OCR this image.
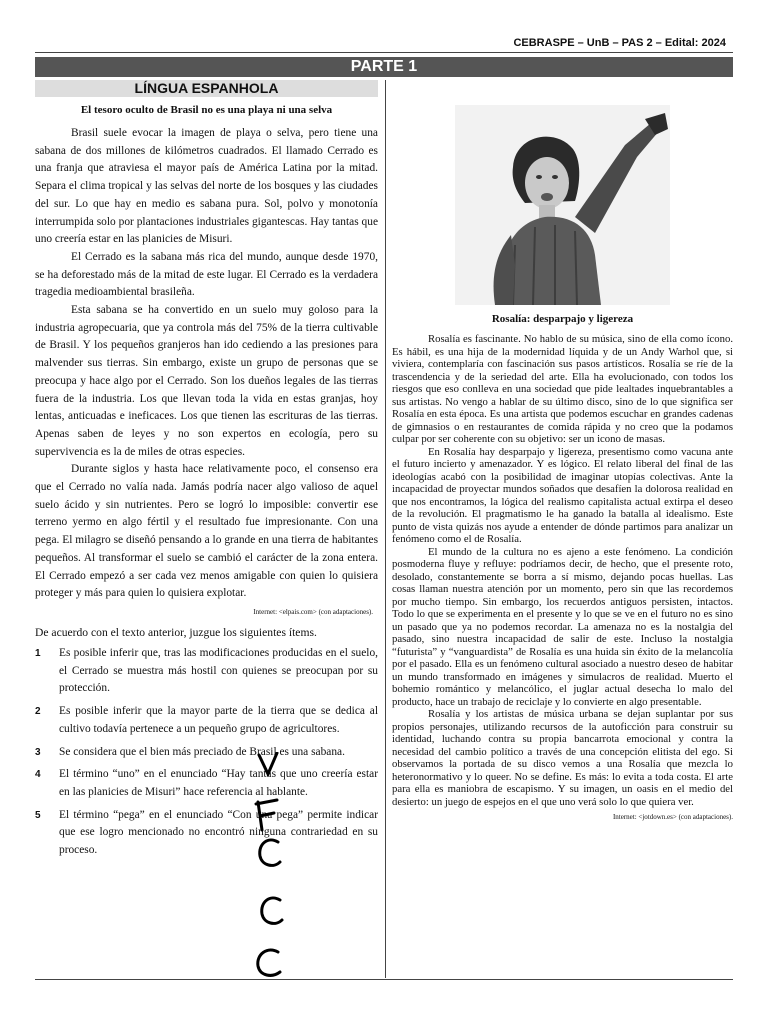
CEBRASPE – UnB – PAS 2 – Edital: 2024
PARTE 1
LÍNGUA ESPANHOLA
El tesoro oculto de Brasil no es una playa ni una selva

Brasil suele evocar la imagen de playa o selva, pero tiene una sabana de dos millones de kilómetros cuadrados. El llamado Cerrado es una franja que atraviesa el mayor país de América Latina por la mitad. Separa el clima tropical y las selvas del norte de los bosques y las ciudades del sur. Lo que hay en medio es sabana pura. Sol, polvo y monotonía interrumpida solo por plantaciones industriales gigantescas. Hay tantas que uno creería estar en las planicies de Misuri.

El Cerrado es la sabana más rica del mundo, aunque desde 1970, se ha deforestado más de la mitad de este lugar. El Cerrado es la verdadera tragedia medioambiental brasileña.

Esta sabana se ha convertido en un suelo muy goloso para la industria agropecuaria, que ya controla más del 75% de la tierra cultivable de Brasil. Y los pequeños granjeros han ido cediendo a las presiones para malvender sus tierras. Sin embargo, existe un grupo de personas que se preocupa y hace algo por el Cerrado. Son los dueños legales de las tierras fuera de la industria. Los que llevan toda la vida en estas granjas, hoy lentas, anticuadas e ineficaces. Los que tienen las escrituras de las tierras. Apenas saben de leyes y no son expertos en ecología, pero su supervivencia es la de miles de otras especies.

Durante siglos y hasta hace relativamente poco, el consenso era que el Cerrado no valía nada. Jamás podría nacer algo valioso de aquel suelo ácido y sin nutrientes. Pero se logró lo imposible: convertir ese terreno yermo en algo fértil y el resultado fue impresionante. Con una pega. El milagro se diseñó pensando a lo grande en una tierra de habitantes pequeños. Al transformar el suelo se cambió el carácter de la zona entera. El Cerrado empezó a ser cada vez menos amigable con quien lo quisiera proteger y más para quien lo quisiera explotar.

Internet: <elpais.com> (con adaptaciones).
De acuerdo con el texto anterior, juzgue los siguientes ítems.
1	Es posible inferir que, tras las modificaciones producidas en el suelo, el Cerrado se muestra más hostil con quienes se preocupan por su protección.
2	Es posible inferir que la mayor parte de la tierra que se dedica al cultivo todavía pertenece a un pequeño grupo de agricultores.
3	Se considera que el bien más preciado de Brasil es una sabana.
4	El término “uno” en el enunciado “Hay tantas que uno creería estar en las planicies de Misuri” hace referencia al hablante.
5	El término “pega” en el enunciado “Con una pega” permite indicar que ese logro mencionado no encontró ninguna contrariedad en su proceso.
Rosalía: desparpajo y ligereza

Rosalía es fascinante. No hablo de su música, sino de ella como ícono. Es hábil, es una hija de la modernidad líquida y de un Andy Warhol que, si viviera, contemplaría con fascinación sus pasos artísticos. Rosalía se ríe de la trascendencia y de la seriedad del arte. Ella ha evolucionado, con todos los riesgos que eso conlleva en una sociedad que pide lealtades inquebrantables a sus artistas. No vengo a hablar de su último disco, sino de lo que significa ser Rosalía en esta época. Es una artista que podemos escuchar en grandes cadenas de gimnasios o en restaurantes de comida rápida y no creo que la podamos culpar por ser coherente con su objetivo: ser un icono de masas.

En Rosalía hay desparpajo y ligereza, presentismo como vacuna ante el futuro incierto y amenazador. Y es lógico. El relato liberal del final de las ideologías acabó con la posibilidad de imaginar utopías colectivas. Ante la incapacidad de proyectar mundos soñados que desafíen la dolorosa realidad en que nos encontramos, la lógica del realismo capitalista actual extirpa el deseo de la revolución. El pragmatismo le ha ganado la batalla al idealismo. Este punto de vista quizás nos ayude a entender de dónde partimos para analizar un fenómeno como el de Rosalía.

El mundo de la cultura no es ajeno a este fenómeno. La condición posmoderna fluye y refluye: podríamos decir, de hecho, que el presente roto, desolado, constantemente se borra a sí mismo, dejando pocas huellas. Las cosas llaman nuestra atención por un momento, pero sin que las recordemos por mucho tiempo. Sin embargo, los recuerdos antiguos persisten, intactos. Todo lo que se experimenta en el presente y lo que se ve en el futuro no es sino un pasado que ya no podemos recordar. La amenaza no es la nostalgia del pasado, sino nuestra incapacidad de salir de este. Incluso la nostalgia “futurista” y “vanguardista” de Rosalía es una huida sin éxito de la melancolía por el pasado. Ella es un fenómeno cultural asociado a nuestro deseo de habitar un mundo transformado en imágenes y simulacros de realidad. Muerto el bohemio romántico y melancólico, el juglar actual desecha lo malo del producto, hace un trabajo de reciclaje y lo convierte en algo presentable.

Rosalía y los artistas de música urbana se dejan suplantar por sus propios personajes, utilizando recursos de la autoficción para construir su identidad, luchando contra su propia bancarrota emocional y contra la necesidad del cambio político a través de una concepción elitista del ego. Si observamos la portada de su disco vemos a una Rosalía que mezcla lo heteronormativo y lo queer. No se define. Es más: lo evita a toda costa. El arte para ella es maniobra de escapismo. Y su imagen, un oasis en el medio del desierto: un juego de espejos en el que uno verá solo lo que quiera ver.

Internet: <jotdown.es> (con adaptaciones).
